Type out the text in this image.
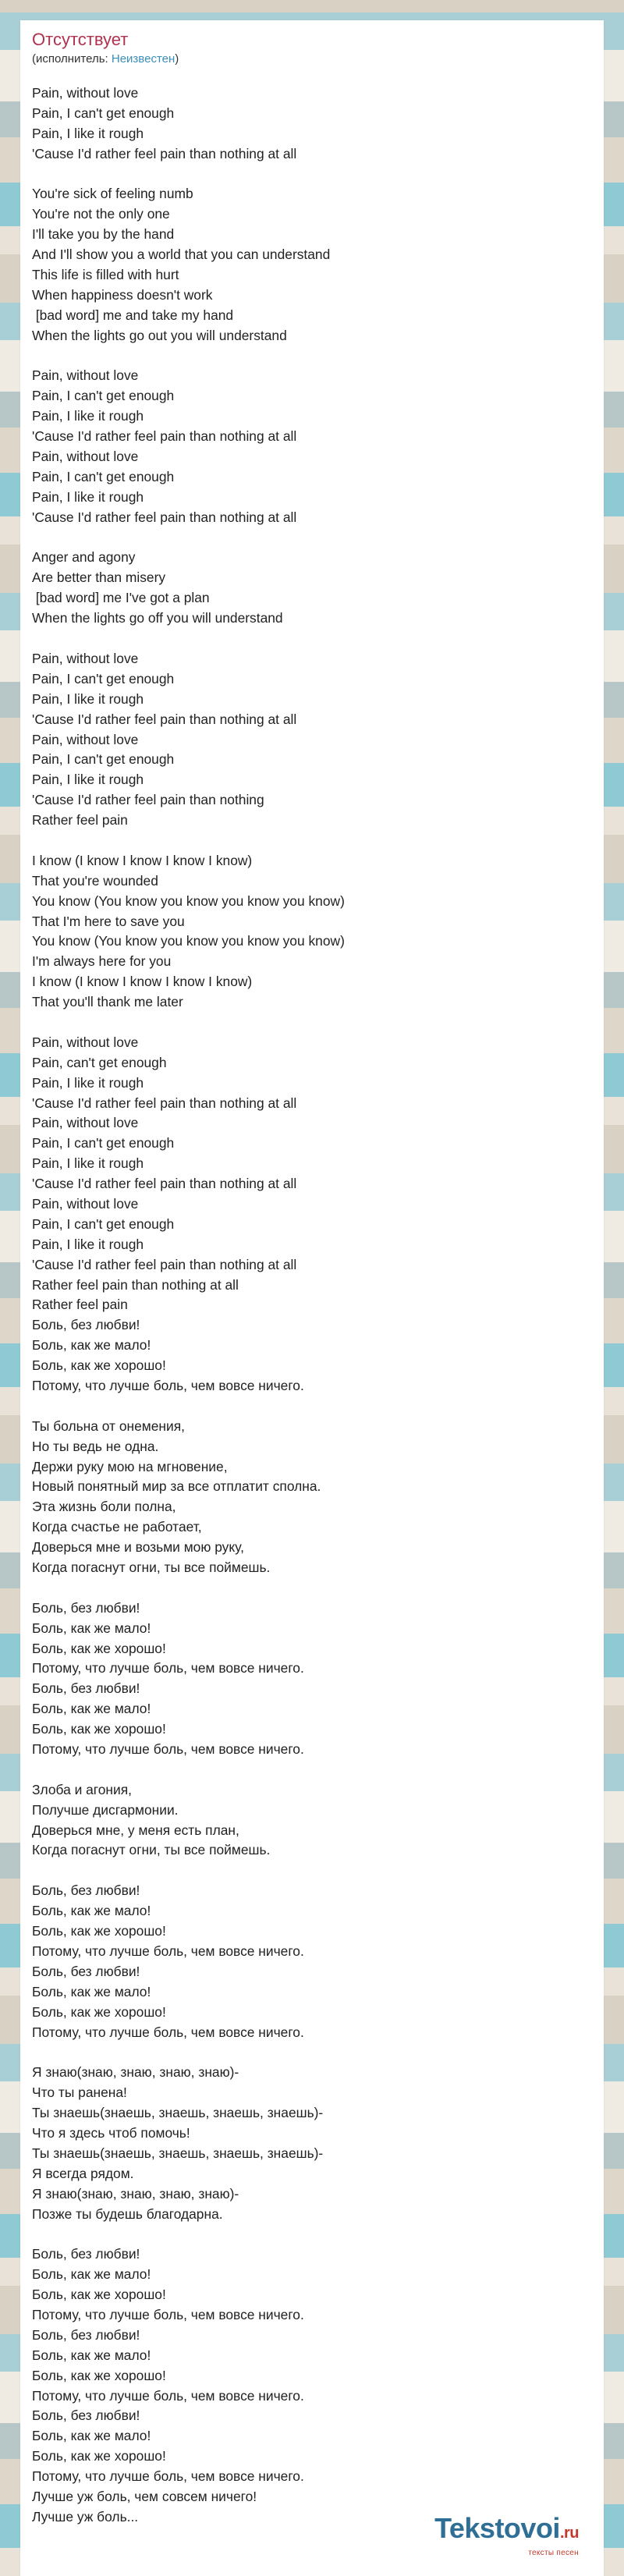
Отсутствует
(исполнитель: Неизвестен)
Pain, without love
Pain, I can't get enough
Pain, I like it rough
'Cause I'd rather feel pain than nothing at all
You're sick of feeling numb
You're not the only one
I'll take you by the hand
And I'll show you a world that you can understand
This life is filled with hurt
When happiness doesn't work
[bad word] me and take my hand
When the lights go out you will understand
Pain, without love
Pain, I can't get enough
Pain, I like it rough
'Cause I'd rather feel pain than nothing at all
Pain, without love
Pain, I can't get enough
Pain, I like it rough
'Cause I'd rather feel pain than nothing at all
Anger and agony
Are better than misery
[bad word] me I've got a plan
When the lights go off you will understand
Pain, without love
Pain, I can't get enough
Pain, I like it rough
'Cause I'd rather feel pain than nothing at all
Pain, without love
Pain, I can't get enough
Pain, I like it rough
'Cause I'd rather feel pain than nothing
Rather feel pain
I know (I know I know I know I know)
That you're wounded
You know (You know you know you know you know)
That I'm here to save you
You know (You know you know you know you know)
I'm always here for you
I know (I know I know I know I know)
That you'll thank me later
Pain, without love
Pain, can't get enough
Pain, I like it rough
'Cause I'd rather feel pain than nothing at all
Pain, without love
Pain, I can't get enough
Pain, I like it rough
'Cause I'd rather feel pain than nothing at all
Pain, without love
Pain, I can't get enough
Pain, I like it rough
'Cause I'd rather feel pain than nothing at all
Rather feel pain than nothing at all
Rather feel pain
Боль, без любви!
Боль, как же мало!
Боль, как же хорошо!
Потому, что лучше боль, чем вовсе ничего.
Ты больна от онемения,
Но ты ведь не одна.
Держи руку мою на мгновение,
Новый понятный мир за все отплатит сполна.
Эта жизнь боли полна,
Когда счастье не работает,
Доверься мне и возьми мою руку,
Когда погаснут огни, ты все поймешь.
Боль, без любви!
Боль, как же мало!
Боль, как же хорошо!
Потому, что лучше боль, чем вовсе ничего.
Боль, без любви!
Боль, как же мало!
Боль, как же хорошо!
Потому, что лучше боль, чем вовсе ничего.
Злоба и агония,
Получше дисгармонии.
Доверься мне, у меня есть план,
Когда погаснут огни, ты все поймешь.
Боль, без любви!
Боль, как же мало!
Боль, как же хорошо!
Потому, что лучше боль, чем вовсе ничего.
Боль, без любви!
Боль, как же мало!
Боль, как же хорошо!
Потому, что лучше боль, чем вовсе ничего.
Я знаю(знаю, знаю, знаю, знаю)-
Что ты ранена!
Ты знаешь(знаешь, знаешь, знаешь, знаешь)-
Что я здесь чтоб помочь!
Ты знаешь(знаешь, знаешь, знаешь, знаешь)-
Я всегда рядом.
Я знаю(знаю, знаю, знаю, знаю)-
Позже ты будешь благодарна.
Боль, без любви!
Боль, как же мало!
Боль, как же хорошо!
Потому, что лучше боль, чем вовсе ничего.
Боль, без любви!
Боль, как же мало!
Боль, как же хорошо!
Потому, что лучше боль, чем вовсе ничего.
Боль, без любви!
Боль, как же мало!
Боль, как же хорошо!
Потому, что лучше боль, чем вовсе ничего.
Лучше уж боль, чем совсем ничего!
Лучше уж боль...	Tekstovoi.ru
тексты песен
